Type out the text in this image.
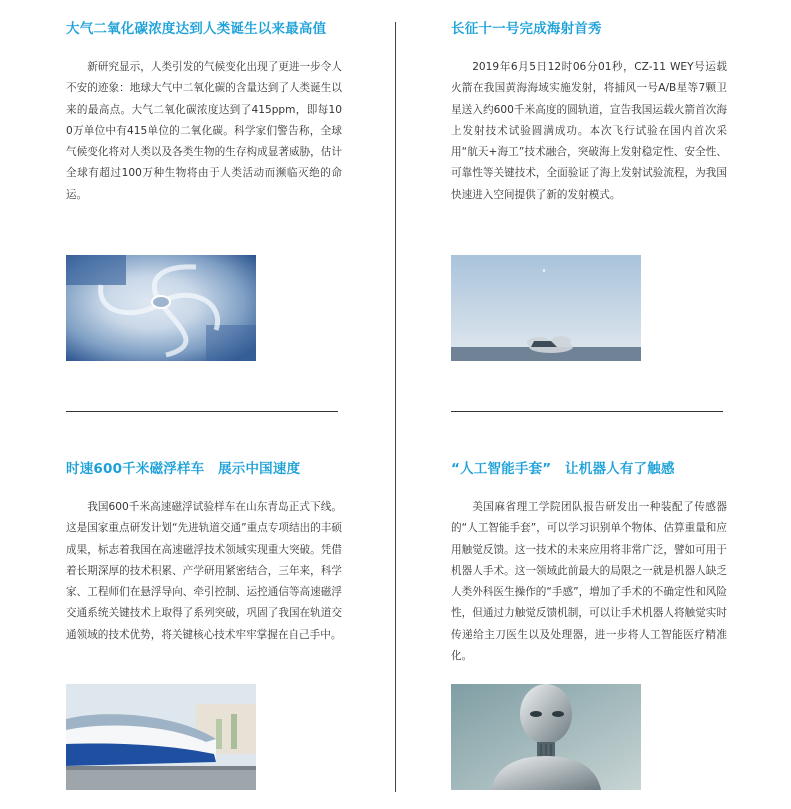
大气二氧化碳浓度达到人类诞生以来最高值

新研究显示，人类引发的气候变化出现了更进一步令人不安的迹象：地球大气中二氧化碳的含量达到了人类诞生以来的最高点。大气二氧化碳浓度达到了415ppm，即每100万单位中有415单位的二氧化碳。科学家们警告称，全球气候变化将对人类以及各类生物的生存构成显著威胁，估计全球有超过100万种生物将由于人类活动而濒临灭绝的命运。

长征十一号完成海射首秀

2019年6月5日12时06分01秒，CZ-11 WEY号运载火箭在我国黄海海域实施发射，将捕风一号A/B星等7颗卫星送入约600千米高度的圆轨道，宣告我国运载火箭首次海上发射技术试验圆满成功。本次飞行试验在国内首次采用“航天+海工”技术融合，突破海上发射稳定性、安全性、可靠性等关键技术，全面验证了海上发射试验流程，为我国快速进入空间提供了新的发射模式。

时速600千米磁浮样车　展示中国速度

我国600千米高速磁浮试验样车在山东青岛正式下线。这是国家重点研发计划“先进轨道交通”重点专项结出的丰硕成果，标志着我国在高速磁浮技术领域实现重大突破。凭借着长期深厚的技术积累、产学研用紧密结合，三年来，科学家、工程师们在悬浮导向、牵引控制、运控通信等高速磁浮交通系统关键技术上取得了系列突破，巩固了我国在轨道交通领域的技术优势，将关键核心技术牢牢掌握在自己手中。

“人工智能手套”　让机器人有了触感

美国麻省理工学院团队报告研发出一种装配了传感器的“人工智能手套”，可以学习识别单个物体、估算重量和应用触觉反馈。这一技术的未来应用将非常广泛，譬如可用于机器人手术。这一领域此前最大的局限之一就是机器人缺乏人类外科医生操作的“手感”，增加了手术的不确定性和风险性，但通过力触觉反馈机制，可以让手术机器人将触觉实时传递给主刀医生以及处理器，进一步将人工智能医疗精准化。
